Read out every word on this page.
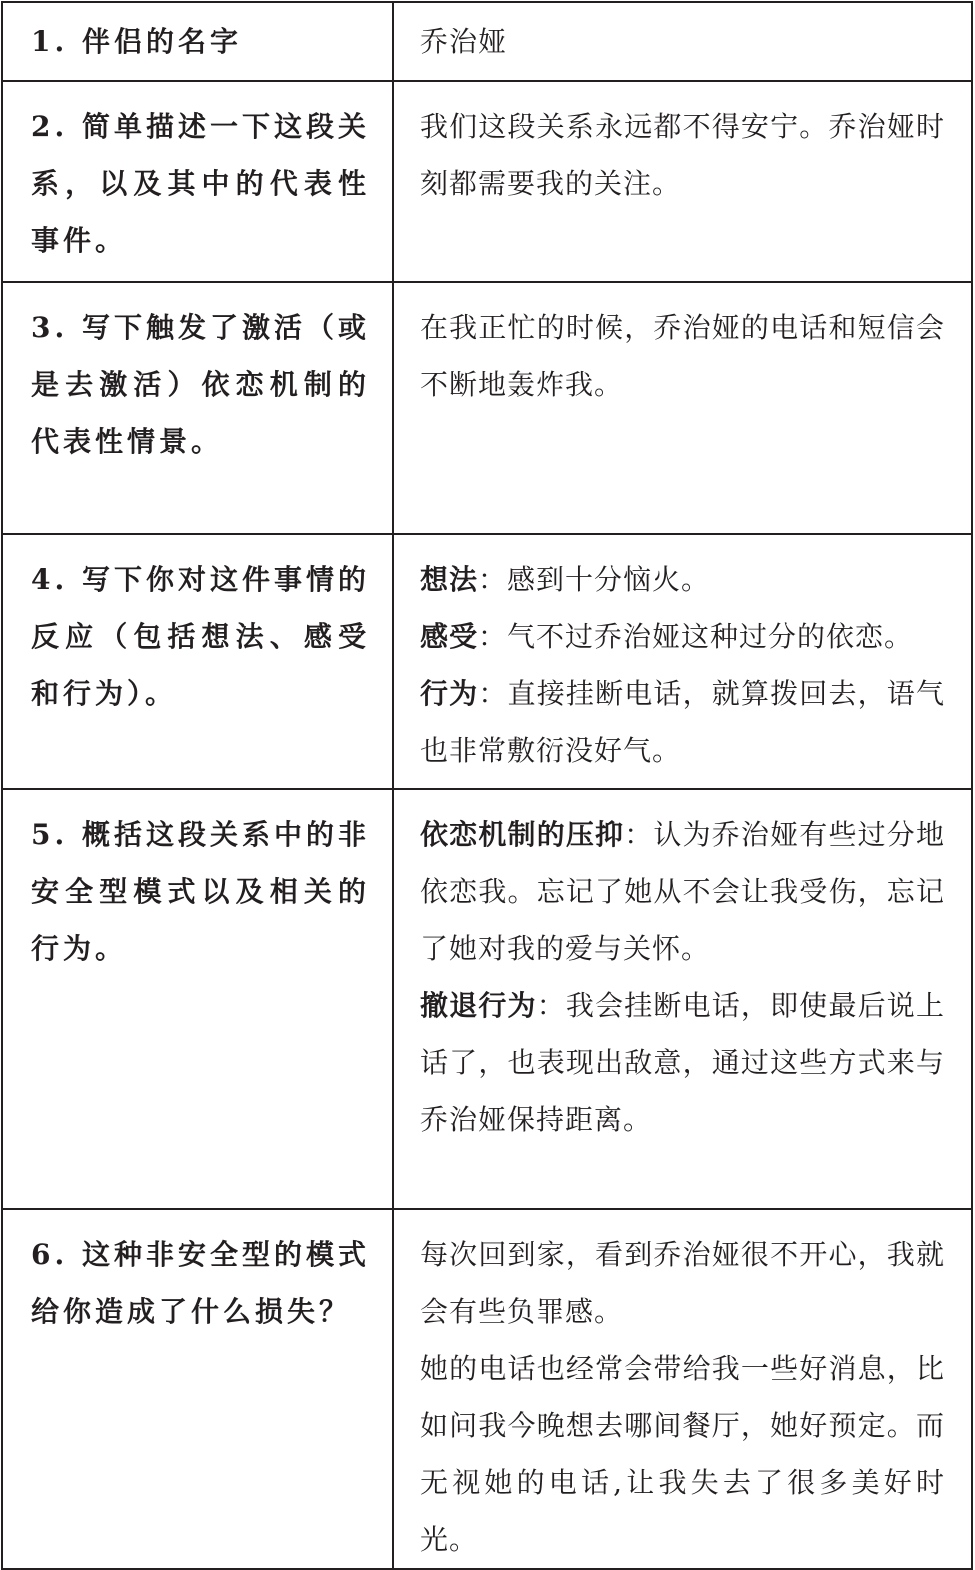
1. 伴侣的名字	乔治娅

2. 简单描述一下这段关系，以及其中的代表性事件。	我们这段关系永远都不得安宁。乔治娅时刻都需要我的关注。

3. 写下触发了激活（或是去激活）依恋机制的代表性情景。	在我正忙的时候，乔治娅的电话和短信会不断地轰炸我。

4. 写下你对这件事情的反应（包括想法、感受和行为）。	想法：感到十分恼火。
感受：气不过乔治娅这种过分的依恋。
行为：直接挂断电话，就算拨回去，语气也非常敷衍没好气。

5. 概括这段关系中的非安全型模式以及相关的行为。	依恋机制的压抑：认为乔治娅有些过分地依恋我。忘记了她从不会让我受伤，忘记了她对我的爱与关怀。
撤退行为：我会挂断电话，即使最后说上话了，也表现出敌意，通过这些方式来与乔治娅保持距离。

6. 这种非安全型的模式给你造成了什么损失？	每次回到家，看到乔治娅很不开心，我就会有些负罪感。
她的电话也经常会带给我一些好消息，比如问我今晚想去哪间餐厅，她好预定。而无视她的电话,让我失去了很多美好时光。
